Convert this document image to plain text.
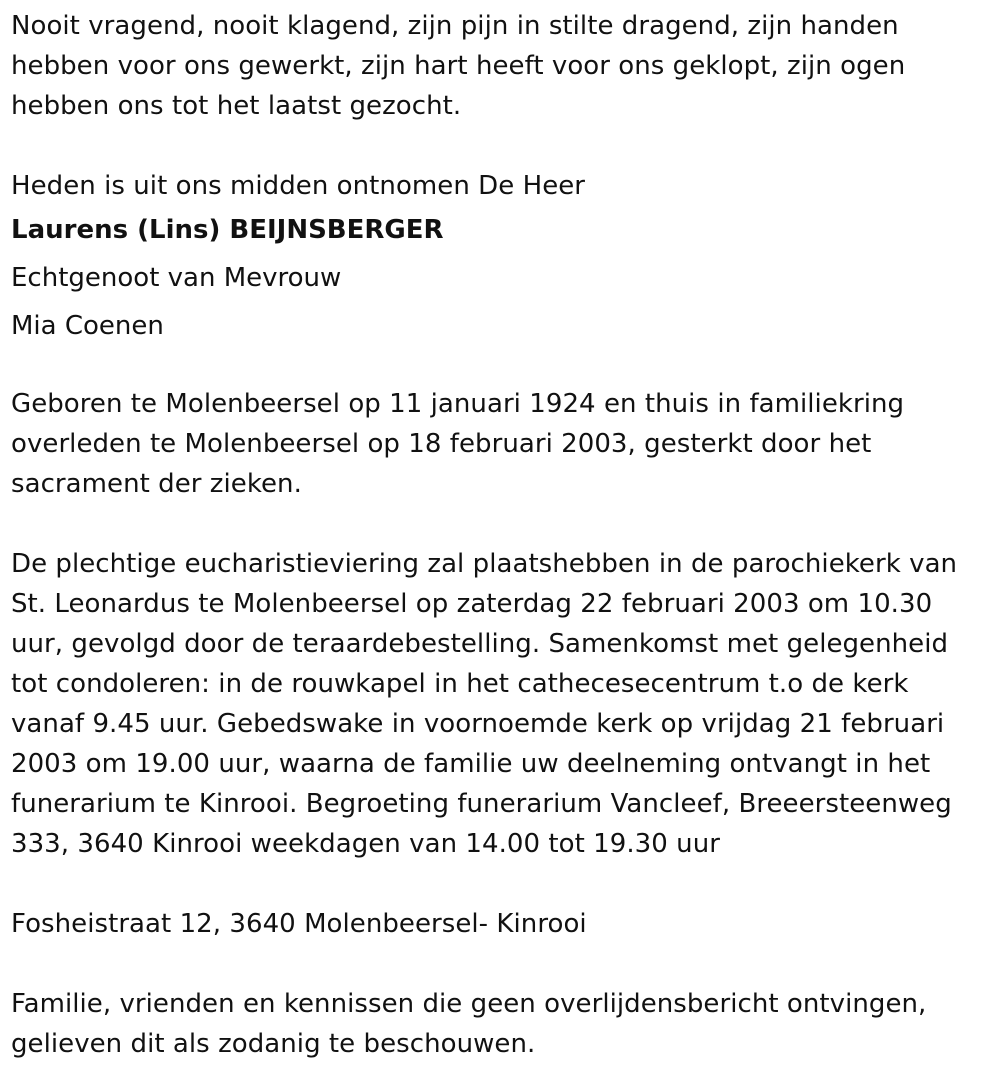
Nooit vragend, nooit klagend, zijn pijn in stilte dragend, zijn handen
hebben voor ons gewerkt, zijn hart heeft voor ons geklopt, zijn ogen
hebben ons tot het laatst gezocht.

Heden is uit ons midden ontnomen De Heer

Laurens (Lins) BEIJNSBERGER

Echtgenoot van Mevrouw

Mia Coenen

Geboren te Molenbeersel op 11 januari 1924 en thuis in familiekring
overleden te Molenbeersel op 18 februari 2003, gesterkt door het
sacrament der zieken.

De plechtige eucharistieviering zal plaatshebben in de parochiekerk van
St. Leonardus te Molenbeersel op zaterdag 22 februari 2003 om 10.30
uur, gevolgd door de teraardebestelling. Samenkomst met gelegenheid
tot condoleren: in de rouwkapel in het cathecesecentrum t.o de kerk
vanaf 9.45 uur. Gebedswake in voornoemde kerk op vrijdag 21 februari
2003 om 19.00 uur, waarna de familie uw deelneming ontvangt in het
funerarium te Kinrooi. Begroeting funerarium Vancleef, Breeersteenweg
333, 3640 Kinrooi weekdagen van 14.00 tot 19.30 uur

Fosheistraat 12, 3640 Molenbeersel- Kinrooi

Familie, vrienden en kennissen die geen overlijdensbericht ontvingen,
gelieven dit als zodanig te beschouwen.
